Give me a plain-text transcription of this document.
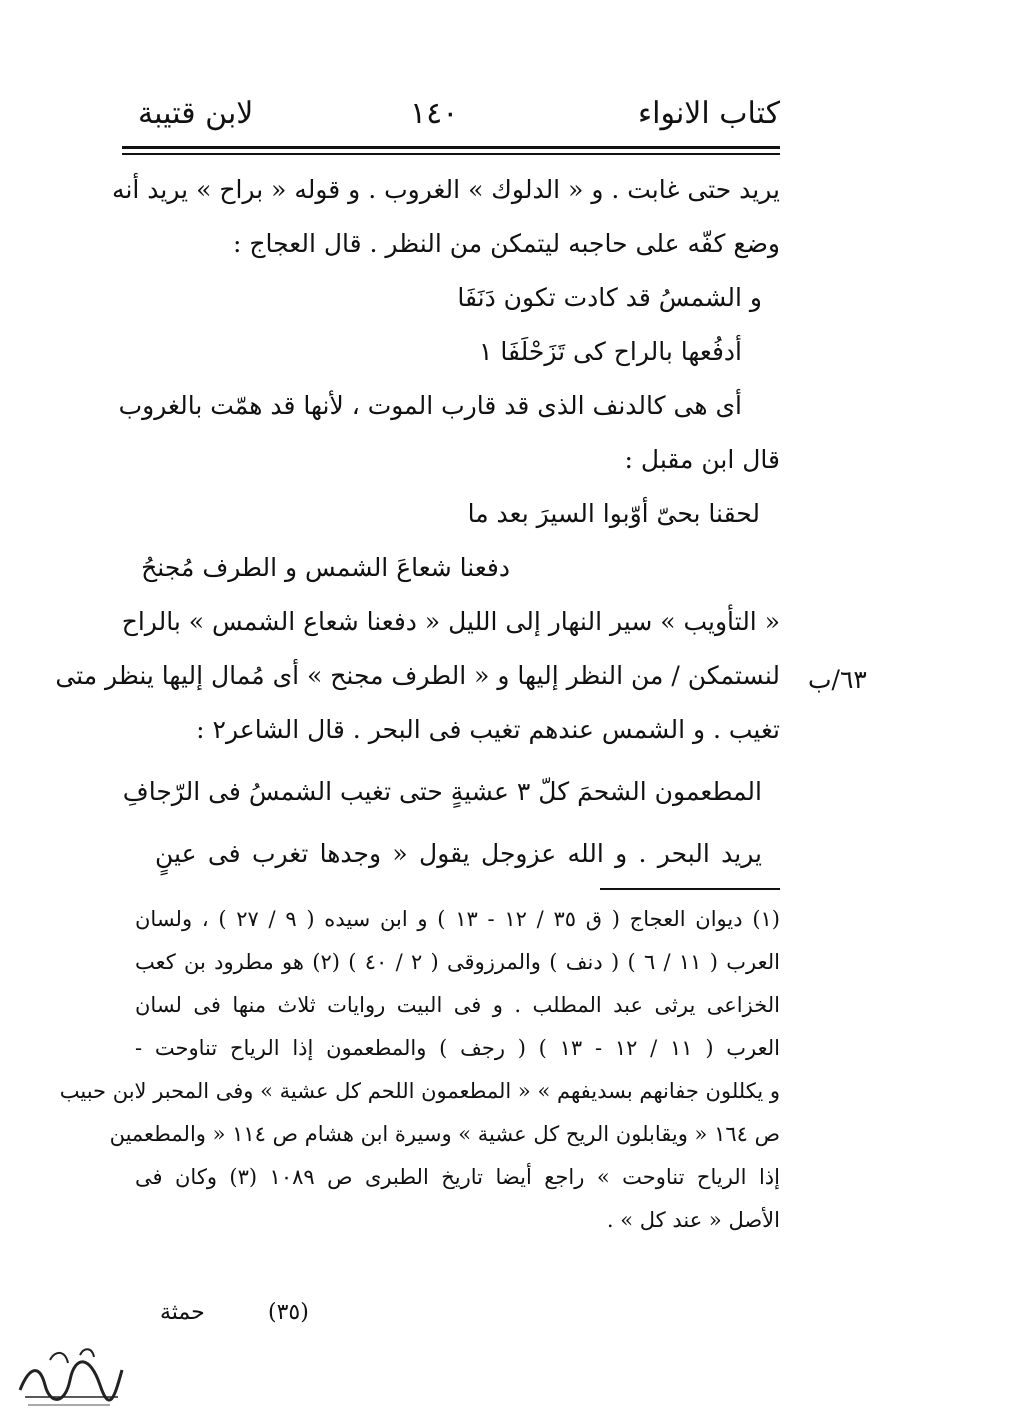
كتاب الانواء
١٤٠
لابن قتيبة
يريد حتى غابت . و « الدلوك » الغروب . و قوله « براح » يريد أنه
وضع كفّه على حاجبه ليتمكن من النظر . قال العجاج :
و الشمسُ قد كادت تكون دَنَفَا
أدفُعها بالراح كى تَزَحْلَفَا ١
أى هى كالدنف الذى قد قارب الموت ، لأنها قد همّت بالغروب
قال ابن مقبل :
لحقنا بحىّ أوّبوا السيرَ بعد ما
دفعنا شعاعَ الشمس و الطرف مُجنحُ
« التأويب » سير النهار إلى الليل « دفعنا شعاع الشمس » بالراح
لنستمكن / من النظر إليها و « الطرف مجنح » أى مُمال إليها ينظر متى
تغيب . و الشمس عندهم تغيب فى البحر . قال الشاعر٢ :
المطعمون الشحمَ كلّ ٣ عشيةٍ حتى تغيب الشمسُ فى الرّجافِ
يريد البحر . و الله عزوجل يقول « وجدها تغرب فى عينٍ
٦٣/ب
(١) ديوان العجاج ( ق ٣٥ / ١٢ - ١٣ ) و ابن سيده ( ٩ / ٢٧ ) ، ولسان
العرب ( ١١ / ٦ ) ( دنف ) والمرزوقى ( ٢ / ٤٠ ) (٢) هو مطرود بن كعب
الخزاعى يرثى عبد المطلب . و فى البيت روايات ثلاث منها فى لسان
العرب ( ١١ / ١٢ - ١٣ ) ( رجف ) والمطعمون إذا الرياح تناوحت -
و يكللون جفانهم بسديفهم » « المطعمون اللحم كل عشية » وفى المحبر لابن حبيب
ص ١٦٤ « ويقابلون الريح كل عشية » وسيرة ابن هشام ص ١١٤ « والمطعمين
إذا الرياح تناوحت » راجع أيضا تاريخ الطبرى ص ١٠٨٩ (٣) وكان فى
الأصل « عند كل » .
(٣٥)
حمثة
